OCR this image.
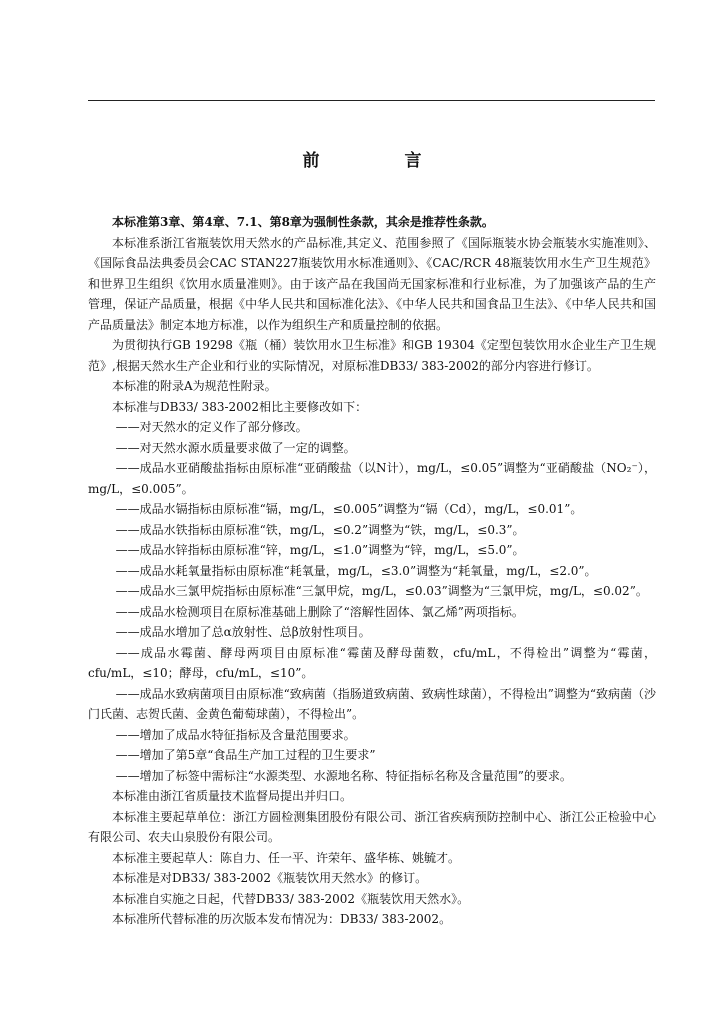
前　言

本标准第3章、第4章、7.1、第8章为强制性条款，其余是推荐性条款。

本标准系浙江省瓶装饮用天然水的产品标准,其定义、范围参照了《国际瓶装水协会瓶装水实施准则》、《国际食品法典委员会CAC STAN227瓶装饮用水标准通则》、《CAC/RCR 48瓶装饮用水生产卫生规范》和世界卫生组织《饮用水质量准则》。由于该产品在我国尚无国家标准和行业标准，为了加强该产品的生产管理，保证产品质量，根据《中华人民共和国标准化法》、《中华人民共和国食品卫生法》、《中华人民共和国产品质量法》制定本地方标准，以作为组织生产和质量控制的依据。

为贯彻执行GB 19298《瓶（桶）装饮用水卫生标准》和GB 19304《定型包装饮用水企业生产卫生规范》,根据天然水生产企业和行业的实际情况，对原标准DB33/ 383-2002的部分内容进行修订。

本标准的附录A为规范性附录。

本标准与DB33/ 383-2002相比主要修改如下：

——对天然水的定义作了部分修改。

——对天然水源水质量要求做了一定的调整。

——成品水亚硝酸盐指标由原标准“亚硝酸盐（以N计），mg/L，≤0.05”调整为“亚硝酸盐（NO₂⁻），mg/L，≤0.005”。

——成品水镉指标由原标准“镉，mg/L，≤0.005”调整为“镉（Cd），mg/L，≤0.01”。

——成品水铁指标由原标准“铁，mg/L，≤0.2”调整为“铁，mg/L，≤0.3”。

——成品水锌指标由原标准“锌，mg/L，≤1.0”调整为“锌，mg/L，≤5.0”。

——成品水耗氧量指标由原标准“耗氧量，mg/L，≤3.0”调整为“耗氧量，mg/L，≤2.0”。

——成品水三氯甲烷指标由原标准“三氯甲烷，mg/L，≤0.03”调整为“三氯甲烷，mg/L，≤0.02”。

——成品水检测项目在原标准基础上删除了“溶解性固体、氯乙烯”两项指标。

——成品水增加了总α放射性、总β放射性项目。

——成品水霉菌、酵母两项目由原标准“霉菌及酵母菌数，cfu/mL，不得检出”调整为“霉菌，cfu/mL，≤10；酵母，cfu/mL，≤10”。

——成品水致病菌项目由原标准“致病菌（指肠道致病菌、致病性球菌），不得检出”调整为“致病菌（沙门氏菌、志贺氏菌、金黄色葡萄球菌），不得检出”。

——增加了成品水特征指标及含量范围要求。

——增加了第5章“食品生产加工过程的卫生要求”

——增加了标签中需标注“水源类型、水源地名称、特征指标名称及含量范围”的要求。

本标准由浙江省质量技术监督局提出并归口。

本标准主要起草单位：浙江方圆检测集团股份有限公司、浙江省疾病预防控制中心、浙江公正检验中心有限公司、农夫山泉股份有限公司。

本标准主要起草人：陈自力、任一平、许荣年、盛华栋、姚毓才。

本标准是对DB33/ 383-2002《瓶装饮用天然水》的修订。

本标准自实施之日起，代替DB33/ 383-2002《瓶装饮用天然水》。

本标准所代替标准的历次版本发布情况为：DB33/ 383-2002。
